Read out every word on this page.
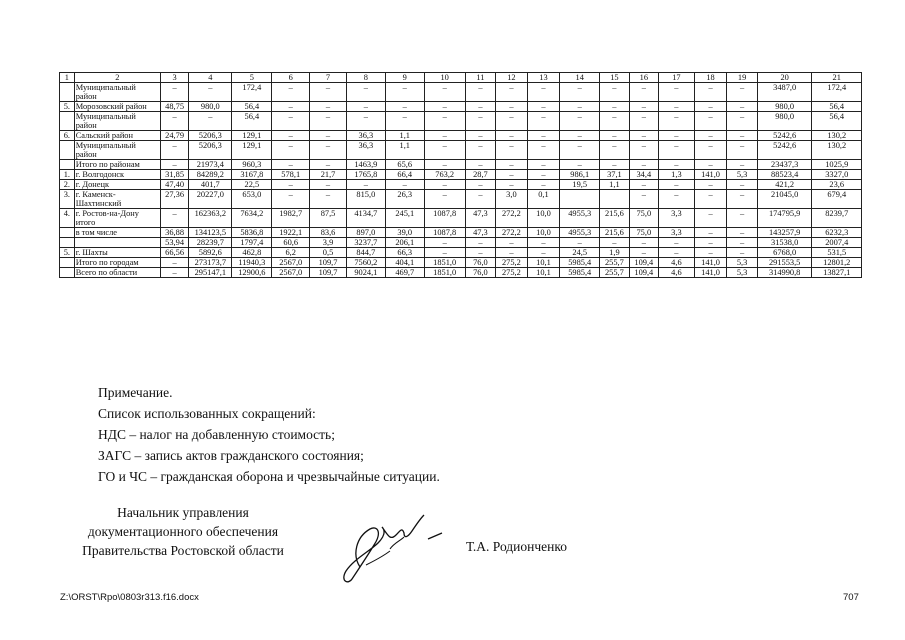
1	2	3	4	5	6	7	8	9	10	11	12	13	14	15	16	17	18	19	20	21
	Муниципальный район	–	–	172,4	–	–	–	–	–	–	–	–	–	–	–	–	–	–	3487,0	172,4
5.	Морозовский район	48,75	980,0	56,4	–	–	–	–	–	–	–	–	–	–	–	–	–	–	980,0	56,4
	Муниципальный район	–	–	56,4	–	–	–	–	–	–	–	–	–	–	–	–	–	–	980,0	56,4
6.	Сальский район	24,79	5206,3	129,1	–	–	36,3	1,1	–	–	–	–	–	–	–	–	–	–	5242,6	130,2
	Муниципальный район	–	5206,3	129,1	–	–	36,3	1,1	–	–	–	–	–	–	–	–	–	–	5242,6	130,2
	Итого по районам	–	21973,4	960,3	–	–	1463,9	65,6	–	–	–	–	–	–	–	–	–	–	23437,3	1025,9
1.	г. Волгодонск	31,85	84289,2	3167,8	578,1	21,7	1765,8	66,4	763,2	28,7	–	–	986,1	37,1	34,4	1,3	141,0	5,3	88523,4	3327,0
2.	г. Донецк	47,40	401,7	22,5	–	–	–	–	–	–	–	–	19,5	1,1	–	–	–	–	421,2	23,6
3.	г. Каменск-Шахтинский	27,36	20227,0	653,0	–	–	815,0	26,3	–	–	3,0	0,1			–	–	–	–	21045,0	679,4
4.	г. Ростов-на-Дону итого	–	162363,2	7634,2	1982,7	87,5	4134,7	245,1	1087,8	47,3	272,2	10,0	4955,3	215,6	75,0	3,3	–	–	174795,9	8239,7
	в том числе	36,88	134123,5	5836,8	1922,1	83,6	897,0	39,0	1087,8	47,3	272,2	10,0	4955,3	215,6	75,0	3,3	–	–	143257,9	6232,3
		53,94	28239,7	1797,4	60,6	3,9	3237,7	206,1	–	–	–	–	–	–	–	–	–	–	31538,0	2007,4
5.	г. Шахты	66,56	5892,6	462,8	6,2	0,5	844,7	66,3	–	–	–	–	24,5	1,9	–	–	–	–	6768,0	531,5
	Итого по городам	–	273173,7	11940,3	2567,0	109,7	7560,2	404,1	1851,0	76,0	275,2	10,1	5985,4	255,7	109,4	4,6	141,0	5,3	291553,5	12801,2
	Всего по области	–	295147,1	12900,6	2567,0	109,7	9024,1	469,7	1851,0	76,0	275,2	10,1	5985,4	255,7	109,4	4,6	141,0	5,3	314990,8	13827,1
Примечание.
Список использованных сокращений:
НДС – налог на добавленную стоимость;
ЗАГС – запись актов гражданского состояния;
ГО и ЧС – гражданская оборона и чрезвычайные ситуации.
Начальник управления
документационного обеспечения
Правительства Ростовской области	Т.А. Родионченко
Z:\ORST\Rpo\0803r313.f16.docx	707
